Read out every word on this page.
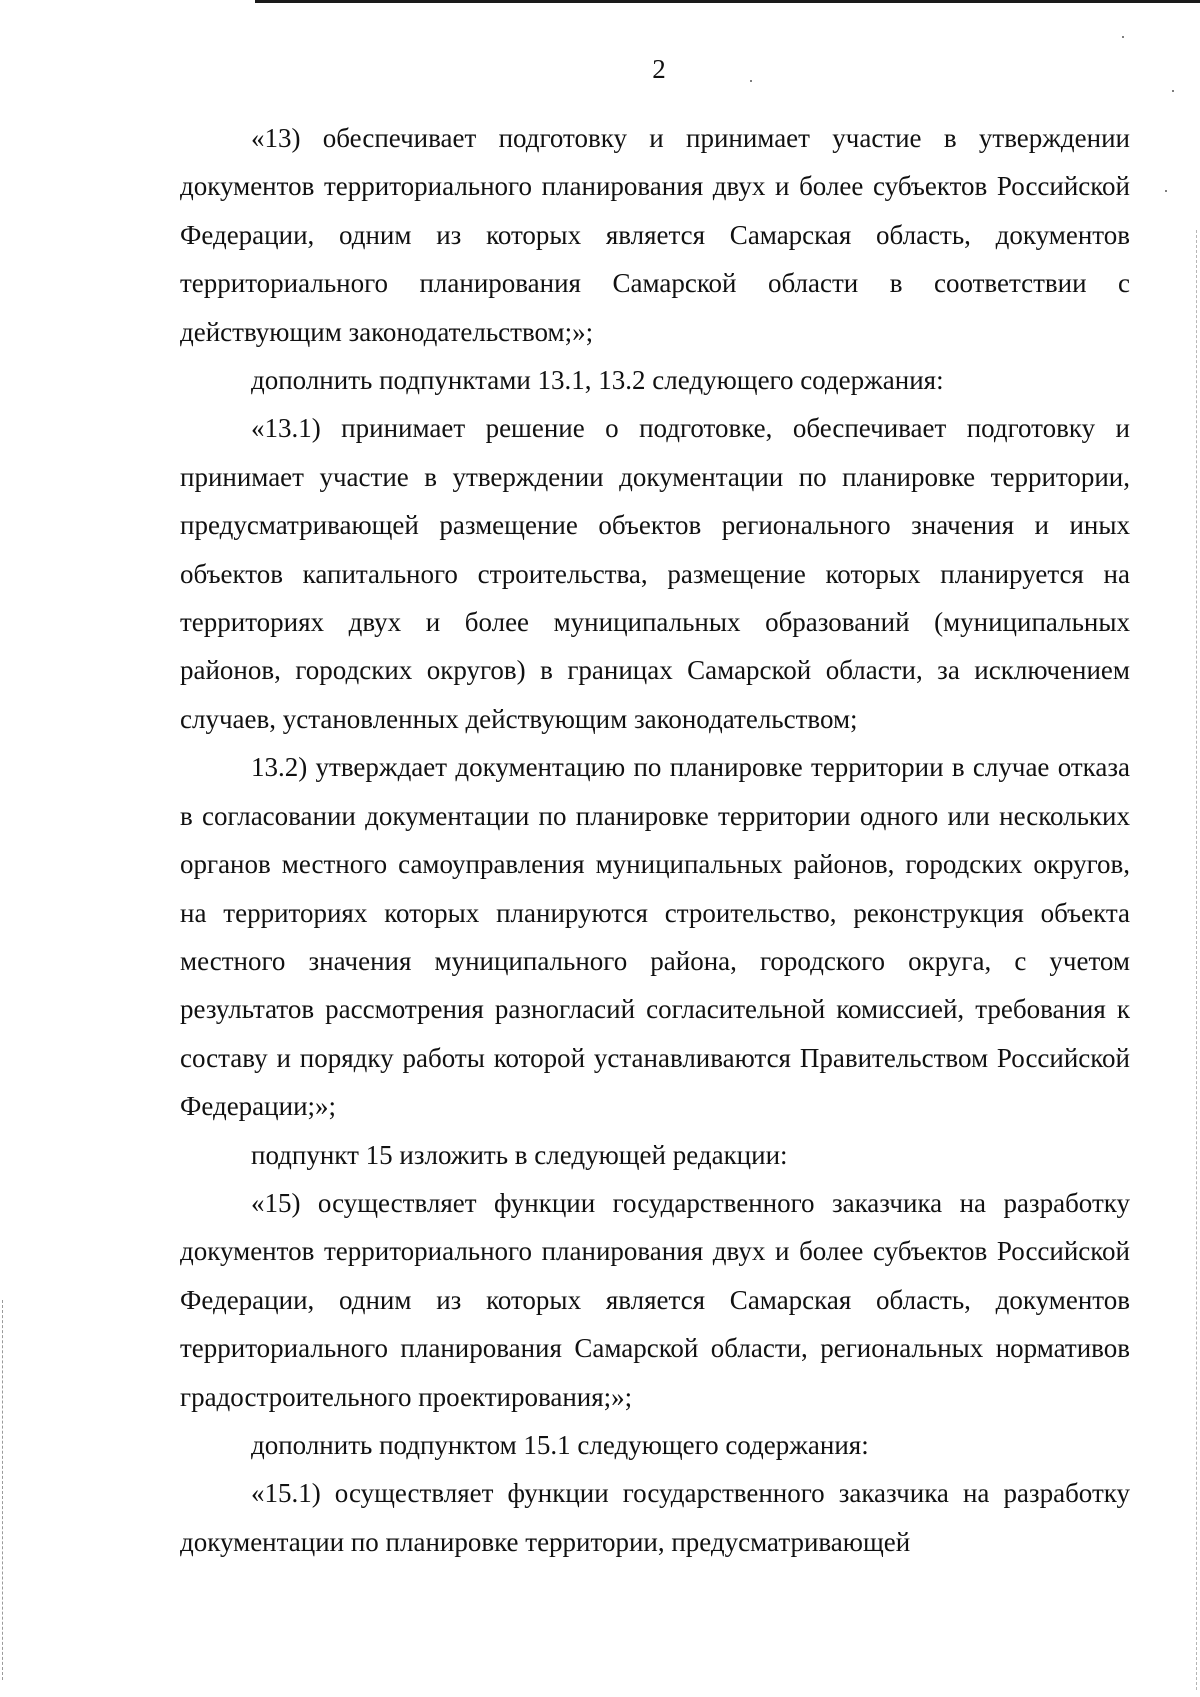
2

«13) обеспечивает подготовку и принимает участие в утверждении документов территориального планирования двух и более субъектов Российской Федерации, одним из которых является Самарская область, документов территориального планирования Самарской области в соответствии с действующим законодательством;»;

дополнить подпунктами 13.1, 13.2 следующего содержания:

«13.1) принимает решение о подготовке, обеспечивает подготовку и принимает участие в утверждении документации по планировке территории, предусматривающей размещение объектов регионального значения и иных объектов капитального строительства, размещение которых планируется на территориях двух и более муниципальных образований (муниципальных районов, городских округов) в границах Самарской области, за исключением случаев, установленных действующим законодательством;

13.2) утверждает документацию по планировке территории в случае отказа в согласовании документации по планировке территории одного или нескольких органов местного самоуправления муниципальных районов, городских округов, на территориях которых планируются строительство, реконструкция объекта местного значения муниципального района, городского округа, с учетом результатов рассмотрения разногласий согласительной комиссией, требования к составу и порядку работы которой устанавливаются Правительством Российской Федерации;»;

подпункт 15 изложить в следующей редакции:

«15) осуществляет функции государственного заказчика на разработку документов территориального планирования двух и более субъектов Российской Федерации, одним из которых является Самарская область, документов территориального планирования Самарской области, региональных нормативов градостроительного проектирования;»;

дополнить подпунктом 15.1 следующего содержания:

«15.1) осуществляет функции государственного заказчика на разработку документации по планировке территории, предусматривающей
